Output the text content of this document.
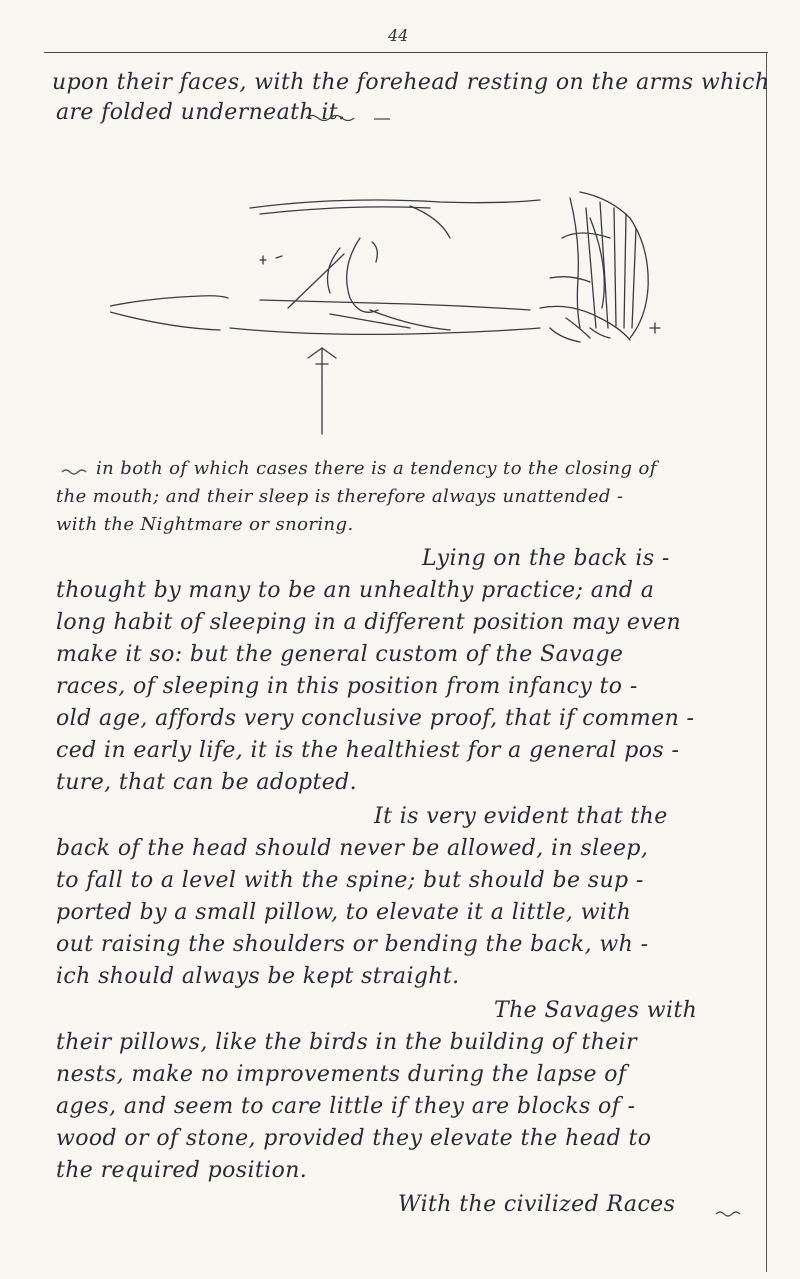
44
upon their faces, with the forehead resting on the arms which
are folded underneath it.
in both of which cases there is a tendency to the closing of
the mouth; and their sleep is therefore always unattended -
with the Nightmare or snoring.
Lying on the back is -
thought by many to be an unhealthy practice; and a
long habit of sleeping in a different position may even
make it so: but the general custom of the Savage
races, of sleeping in this position from infancy to -
old age, affords very conclusive proof, that if commen -
ced in early life, it is the healthiest for a general pos -
ture, that can be adopted.
It is very evident that the
back of the head should never be allowed, in sleep,
to fall to a level with the spine; but should be sup -
ported by a small pillow, to elevate it a little, with
out raising the shoulders or bending the back, wh -
ich should always be kept straight.
The Savages with
their pillows, like the birds in the building of their
nests, make no improvements during the lapse of
ages, and seem to care little if they are blocks of -
wood or of stone, provided they elevate the head to
the required position.
With the civilized Races
